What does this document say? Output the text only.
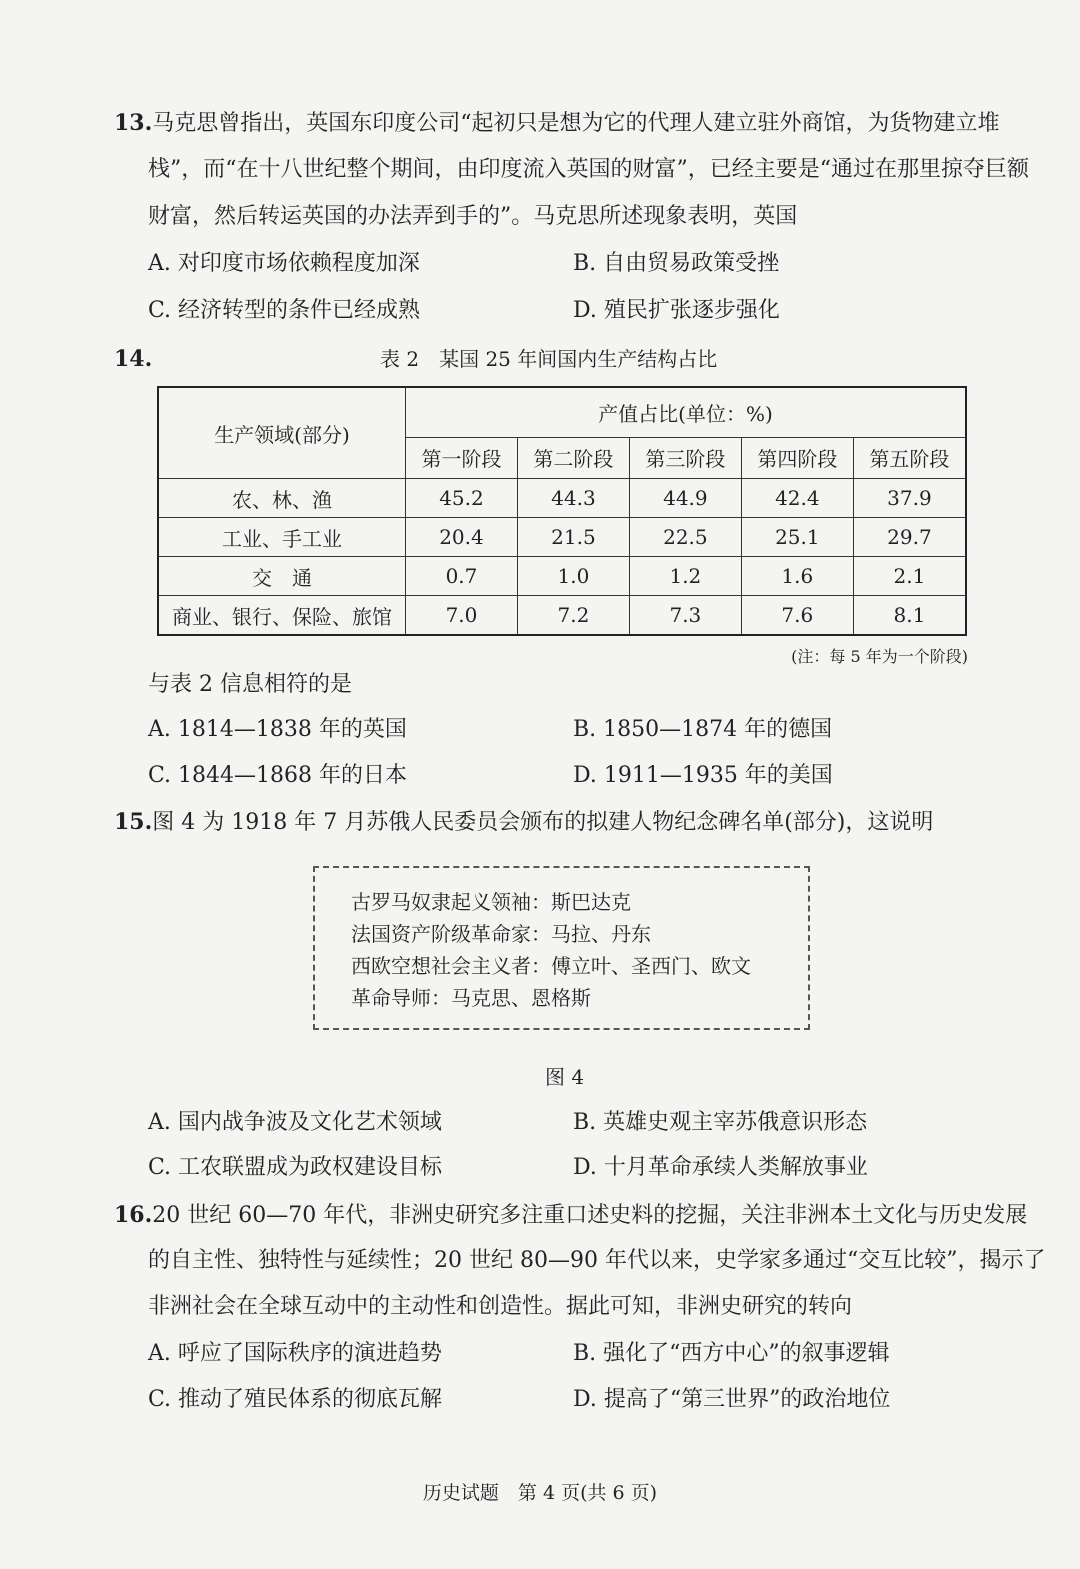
13.马克思曾指出，英国东印度公司“起初只是想为它的代理人建立驻外商馆，为货物建立堆
栈”，而“在十八世纪整个期间，由印度流入英国的财富”，已经主要是“通过在那里掠夺巨额
财富，然后转运英国的办法弄到手的”。马克思所述现象表明，英国
A. 对印度市场依赖程度加深	B. 自由贸易政策受挫
C. 经济转型的条件已经成熟	D. 殖民扩张逐步强化
14.	表 2　某国 25 年间国内生产结构占比
生产领域(部分)	产值占比(单位：%)				
	第一阶段	第二阶段	第三阶段	第四阶段	第五阶段
农、林、渔	45.2	44.3	44.9	42.4	37.9
工业、手工业	20.4	21.5	22.5	25.1	29.7
交　通	0.7	1.0	1.2	1.6	2.1
商业、银行、保险、旅馆	7.0	7.2	7.3	7.6	8.1
(注：每 5 年为一个阶段)
与表 2 信息相符的是
A. 1814—1838 年的英国	B. 1850—1874 年的德国
C. 1844—1868 年的日本	D. 1911—1935 年的美国
15.图 4 为 1918 年 7 月苏俄人民委员会颁布的拟建人物纪念碑名单(部分)，这说明
古罗马奴隶起义领袖：斯巴达克
法国资产阶级革命家：马拉、丹东
西欧空想社会主义者：傅立叶、圣西门、欧文
革命导师：马克思、恩格斯
图 4
A. 国内战争波及文化艺术领域	B. 英雄史观主宰苏俄意识形态
C. 工农联盟成为政权建设目标	D. 十月革命承续人类解放事业
16.20 世纪 60—70 年代，非洲史研究多注重口述史料的挖掘，关注非洲本土文化与历史发展
的自主性、独特性与延续性；20 世纪 80—90 年代以来，史学家多通过“交互比较”，揭示了
非洲社会在全球互动中的主动性和创造性。据此可知，非洲史研究的转向
A. 呼应了国际秩序的演进趋势	B. 强化了“西方中心”的叙事逻辑
C. 推动了殖民体系的彻底瓦解	D. 提高了“第三世界”的政治地位
历史试题　第 4 页(共 6 页)
